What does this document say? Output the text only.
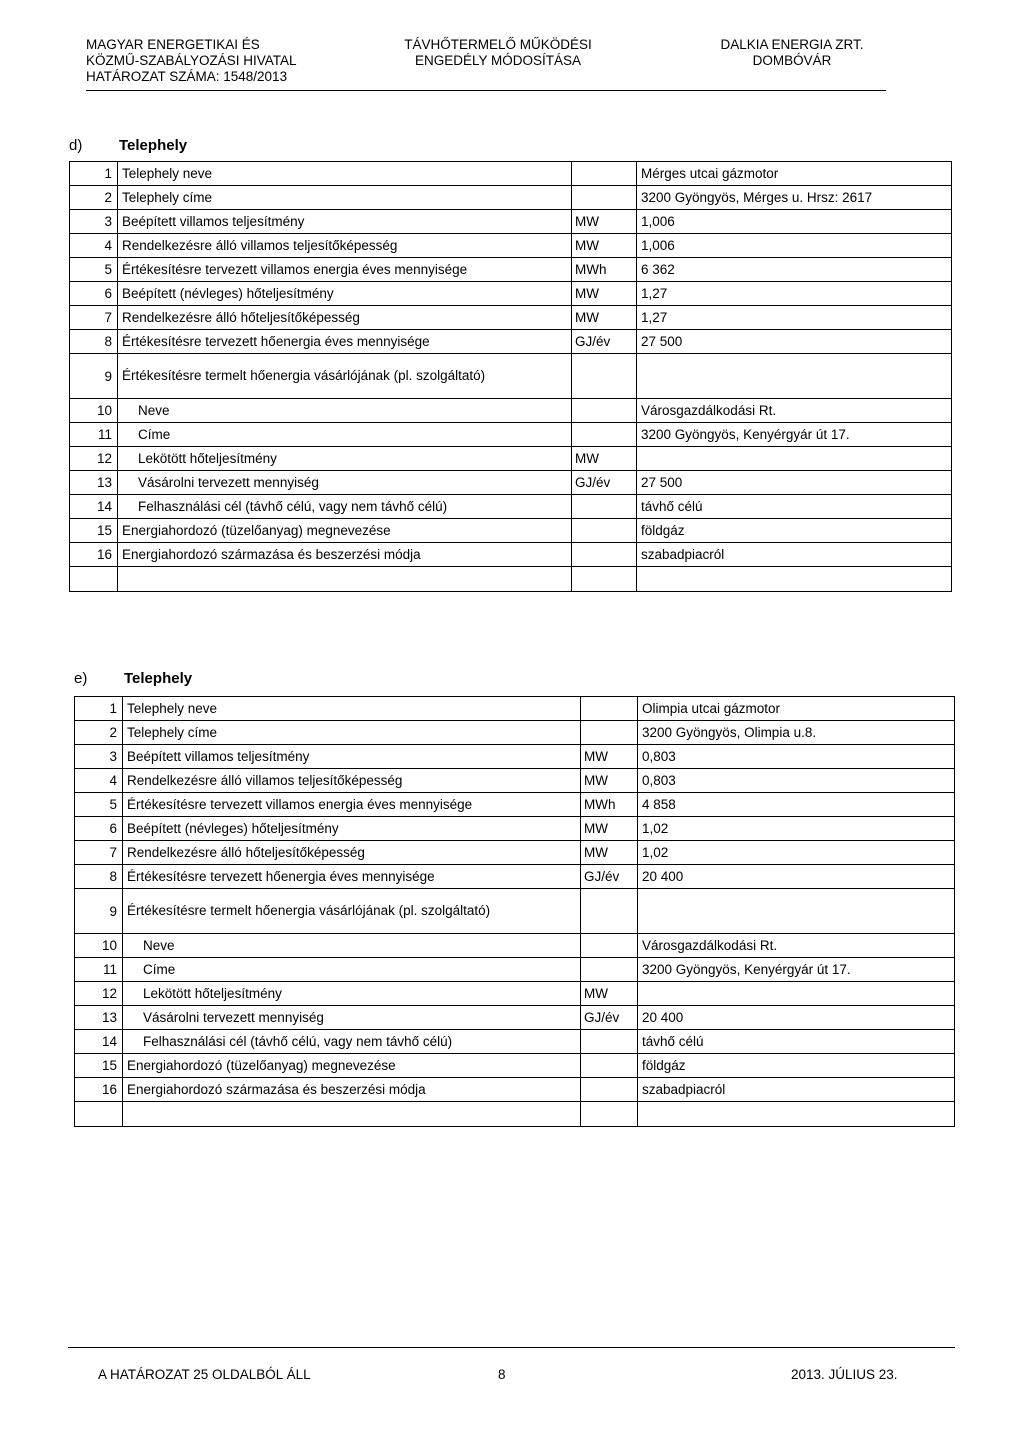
MAGYAR ENERGETIKAI ÉS
KÖZMŰ-SZABÁLYOZÁSI HIVATAL
HATÁROZAT SZÁMA: 1548/2013
TÁVHŐTERMELŐ MŰKÖDÉSI
ENGEDÉLY MÓDOSÍTÁSA
DALKIA ENERGIA ZRT.
DOMBÓVÁR
d) Telephely
1	Telephely neve		Mérges utcai gázmotor
2	Telephely címe		3200 Gyöngyös, Mérges u. Hrsz: 2617
3	Beépített villamos teljesítmény	MW	1,006
4	Rendelkezésre álló villamos teljesítőképesség	MW	1,006
5	Értékesítésre tervezett villamos energia éves mennyisége	MWh	6 362
6	Beépített (névleges) hőteljesítmény	MW	1,27
7	Rendelkezésre álló hőteljesítőképesség	MW	1,27
8	Értékesítésre tervezett hőenergia éves mennyisége	GJ/év	27 500
9	Értékesítésre termelt hőenergia vásárlójának (pl. szolgáltató)		
10	Neve		Városgazdálkodási Rt.
11	Címe		3200 Gyöngyös, Kenyérgyár út 17.
12	Lekötött hőteljesítmény	MW	
13	Vásárolni tervezett mennyiség	GJ/év	27 500
14	Felhasználási cél (távhő célú, vagy nem távhő célú)		távhő célú
15	Energiahordozó (tüzelőanyag) megnevezése		földgáz
16	Energiahordozó származása és beszerzési módja		szabadpiacról

e) Telephely
1	Telephely neve		Olimpia utcai gázmotor
2	Telephely címe		3200 Gyöngyös, Olimpia u.8.
3	Beépített villamos teljesítmény	MW	0,803
4	Rendelkezésre álló villamos teljesítőképesség	MW	0,803
5	Értékesítésre tervezett villamos energia éves mennyisége	MWh	4 858
6	Beépített (névleges) hőteljesítmény	MW	1,02
7	Rendelkezésre álló hőteljesítőképesség	MW	1,02
8	Értékesítésre tervezett hőenergia éves mennyisége	GJ/év	20 400
9	Értékesítésre termelt hőenergia vásárlójának (pl. szolgáltató)		
10	Neve		Városgazdálkodási Rt.
11	Címe		3200 Gyöngyös, Kenyérgyár út 17.
12	Lekötött hőteljesítmény	MW	
13	Vásárolni tervezett mennyiség	GJ/év	20 400
14	Felhasználási cél (távhő célú, vagy nem távhő célú)		távhő célú
15	Energiahordozó (tüzelőanyag) megnevezése		földgáz
16	Energiahordozó származása és beszerzési módja		szabadpiacról

A HATÁROZAT 25 OLDALBÓL ÁLL	8	2013. JÚLIUS 23.
